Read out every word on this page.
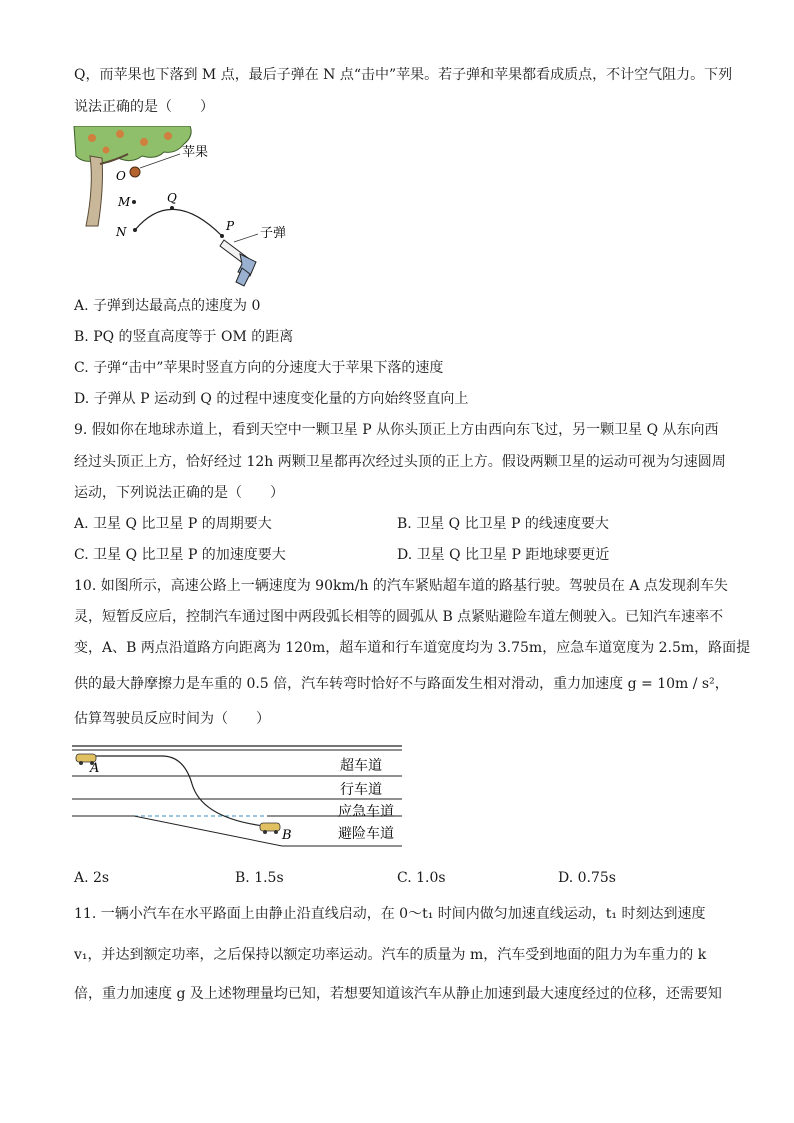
Q，而苹果也下落到 M 点，最后子弹在 N 点“击中”苹果。若子弹和苹果都看成质点，不计空气阻力。下列
说法正确的是（　　）
苹果
O
M
N
Q
P 子弹
A. 子弹到达最高点的速度为 0
B. PQ 的竖直高度等于 OM 的距离
C. 子弹“击中”苹果时竖直方向的分速度大于苹果下落的速度
D. 子弹从 P 运动到 Q 的过程中速度变化量的方向始终竖直向上
9. 假如你在地球赤道上，看到天空中一颗卫星 P 从你头顶正上方由西向东飞过，另一颗卫星 Q 从东向西
经过头顶正上方，恰好经过 12h 两颗卫星都再次经过头顶的正上方。假设两颗卫星的运动可视为匀速圆周
运动，下列说法正确的是（　　）
A. 卫星 Q 比卫星 P 的周期要大	B. 卫星 Q 比卫星 P 的线速度要大
C. 卫星 Q 比卫星 P 的加速度要大	D. 卫星 Q 比卫星 P 距地球要更近
10. 如图所示，高速公路上一辆速度为 90km/h 的汽车紧贴超车道的路基行驶。驾驶员在 A 点发现刹车失
灵，短暂反应后，控制汽车通过图中两段弧长相等的圆弧从 B 点紧贴避险车道左侧驶入。已知汽车速率不
变，A、B 两点沿道路方向距离为 120m，超车道和行车道宽度均为 3.75m，应急车道宽度为 2.5m，路面提
供的最大静摩擦力是车重的 0.5 倍，汽车转弯时恰好不与路面发生相对滑动，重力加速度 g = 10m / s²，
估算驾驶员反应时间为（　　）
A
B
超车道
行车道
应急车道
避险车道
A. 2s	B. 1.5s	C. 1.0s	D. 0.75s
11. 一辆小汽车在水平路面上由静止沿直线启动，在 0～t₁ 时间内做匀加速直线运动，t₁ 时刻达到速度
v₁，并达到额定功率，之后保持以额定功率运动。汽车的质量为 m，汽车受到地面的阻力为车重力的 k
倍，重力加速度 g 及上述物理量均已知，若想要知道该汽车从静止加速到最大速度经过的位移，还需要知
